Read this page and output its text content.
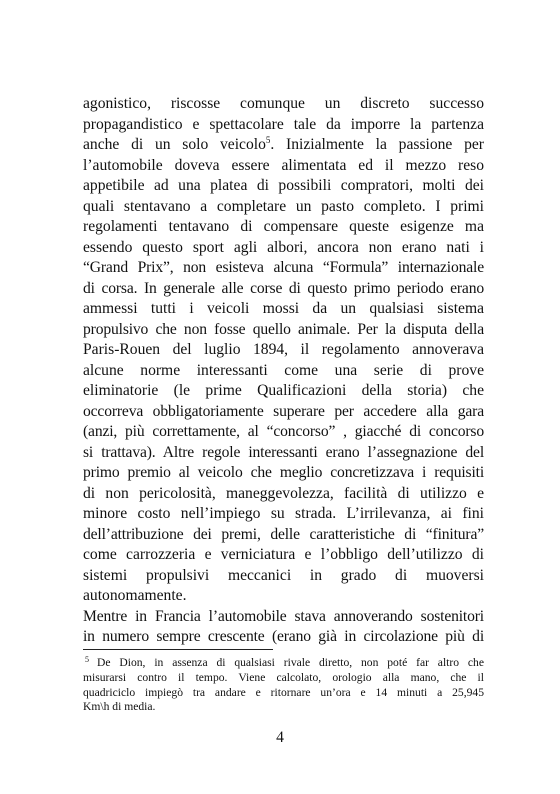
agonistico, riscosse comunque un discreto successo
propagandistico e spettacolare tale da imporre la partenza
anche di un solo veicolo$^5$. Inizialmente la passione per
l’automobile doveva essere alimentata ed il mezzo reso
appetibile ad una platea di possibili compratori, molti dei
quali stentavano a completare un pasto completo. I primi
regolamenti tentavano di compensare queste esigenze ma
essendo questo sport agli albori, ancora non erano nati i
“Grand Prix”, non esisteva alcuna “Formula” internazionale
di corsa. In generale alle corse di questo primo periodo erano
ammessi tutti i veicoli mossi da un qualsiasi sistema
propulsivo che non fosse quello animale. Per la disputa della
Paris-Rouen del luglio 1894, il regolamento annoverava
alcune norme interessanti come una serie di prove
eliminatorie (le prime Qualificazioni della storia) che
occorreva obbligatoriamente superare per accedere alla gara
(anzi, più correttamente, al “concorso” , giacché di concorso
si trattava). Altre regole interessanti erano l’assegnazione del
primo premio al veicolo che meglio concretizzava i requisiti
di non pericolosità, maneggevolezza, facilità di utilizzo e
minore costo nell’impiego su strada. L’irrilevanza, ai fini
dell’attribuzione dei premi, delle caratteristiche di “finitura”
come carrozzeria e verniciatura e l’obbligo dell’utilizzo di
sistemi propulsivi meccanici in grado di muoversi
autonomamente.
Mentre in Francia l’automobile stava annoverando sostenitori
in numero sempre crescente (erano già in circolazione più di
$^5$ De Dion, in assenza di qualsiasi rivale diretto, non poté far altro che
misurarsi contro il tempo. Viene calcolato, orologio alla mano, che il
quadriciclo impiegò tra andare e ritornare un’ora e 14 minuti a 25,945
Km\h di media.
4
